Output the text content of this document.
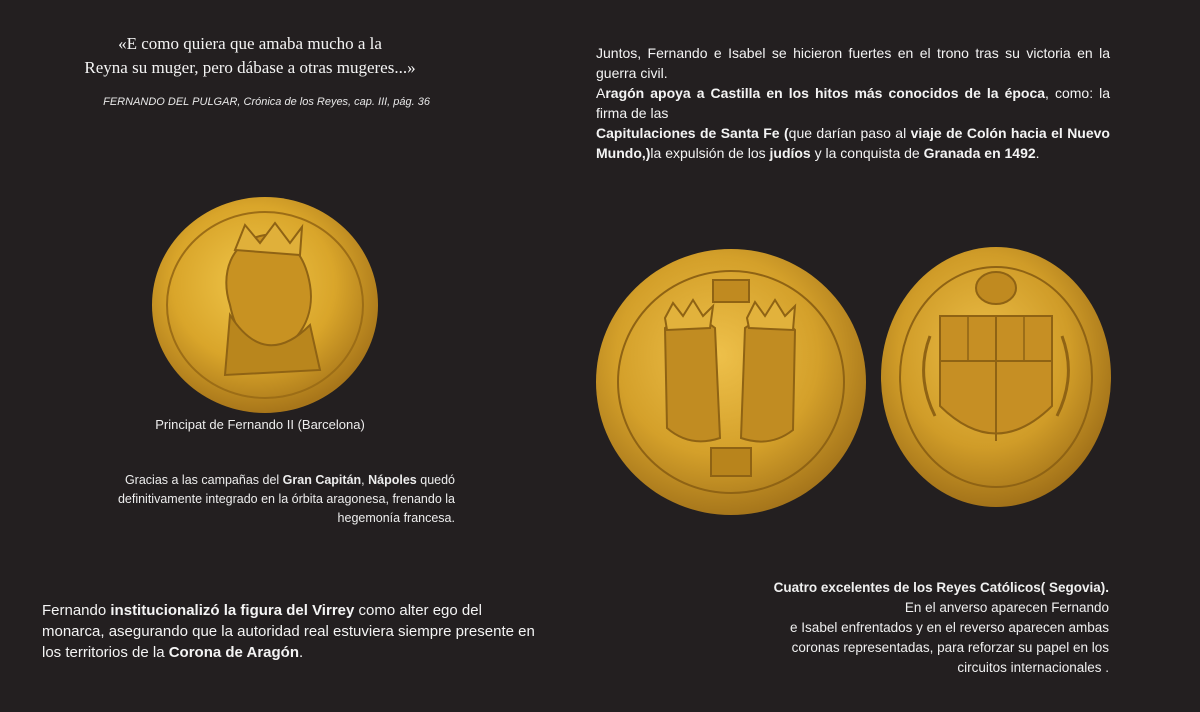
«E como quiera que amaba mucho a la
Reyna su muger, pero dábase a otras mugeres...»
FERNANDO DEL PULGAR, Crónica de los Reyes, cap. III, pág. 36
Principat de Fernando II (Barcelona)
Gracias a las campañas del Gran Capitán, Nápoles quedó definitivamente integrado en la órbita aragonesa, frenando la hegemonía francesa.
Fernando institucionalizó la figura del Virrey como alter ego del monarca, asegurando que la autoridad real estuviera siempre presente en los territorios de la Corona de Aragón.

Juntos, Fernando e Isabel se hicieron fuertes en el trono tras su victoria en la guerra civil.

Aragón apoya a Castilla en los hitos más conocidos de la época, como: la firma de las

Capitulaciones de Santa Fe (que darían paso al viaje de Colón hacia el Nuevo Mundo,)la expulsión de los judíos y la conquista de Granada en 1492.

Cuatro excelentes de los Reyes Católicos( Segovia).
En el anverso aparecen Fernando
e Isabel enfrentados y en el reverso aparecen ambas
coronas representadas, para reforzar su papel en los
circuitos internacionales .
